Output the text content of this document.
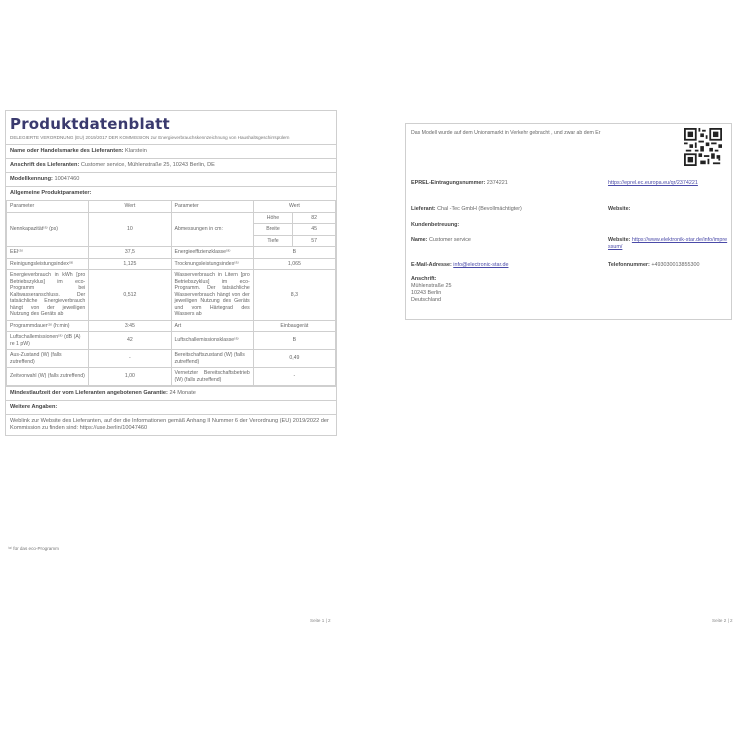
Produktdatenblatt
DELEGIERTE VERORDNUNG (EU) 2019/2017 DER KOMMISSION zur Energieverbrauchskennzeichnung von Haushaltsgeschirrspülern
Name oder Handelsmarke des Lieferanten: Klarstein
Anschrift des Lieferanten: Customer service, Mühlenstraße 25, 10243 Berlin, DE
Modellkennung: 10047460
Allgemeine Produktparameter:
Parameter	Wert	Parameter	Wert	
Nennkapazität⁽ᵃ⁾ (ps)	10	Abmessungen in cm:	Höhe	82
			Breite	45
			Tiefe	57
EEI⁽ᵃ⁾	37,5	Energieeffizienzklasse⁽ᵃ⁾	B	
Reinigungsleistungsindex⁽ᵃ⁾	1,125	Trocknungsleistungsindex⁽ᵃ⁾	1,065	
Energieverbrauch in kWh [pro Betriebszyklus] im eco-Programm bei Kaltwasseranschluss. Der tatsächliche Energieverbrauch hängt von der jeweiligen Nutzung des Geräts ab	0,512	Wasserverbrauch in Litern [pro Betriebszyklus] im eco-Programm. Der tatsächliche Wasserverbrauch hängt von der jeweiligen Nutzung des Geräts und vom Härtegrad des Wassers ab	8,3	
Programmdauer⁽ᵃ⁾ (h:min)	3:45	Art	Einbaugerät	
Luftschallemissionen⁽ᵃ⁾ (dB (A) re 1 pW)	42	Luftschallemissionsklasse⁽ᵃ⁾	B	
Aus-Zustand (W) (falls zutreffend)	-	Bereitschaftszustand (W) (falls zutreffend)	0,49	
Zeitvorwahl (W) (falls zutreffend)	1,00	Vernetzter Bereitschaftsbetrieb (W) (falls zutreffend)	-	
Mindestlaufzeit der vom Lieferanten angebotenen Garantie: 24 Monate
Weitere Angaben:
Weblink zur Website des Lieferanten, auf der die Informationen gemäß Anhang II Nummer 6 der Verordnung (EU) 2019/2022 der Kommission zu finden sind: https://use.berlin/10047460
⁽ᵃ⁾ für das eco-Programm
Seite 1 | 2
Das Modell wurde auf dem Unionsmarkt in Verkehr gebracht , und zwar ab dem Er
EPREL-Eintragungsnummer: 2374221	https://eprel.ec.europa.eu/qr/2374221
Lieferant: Chal -Tec GmbH (Bevollmächtigter)	Website:
Kundenbetreuung:
Name: Customer service	Website: https://www.elektronik-star.de/info/impressum/
E-Mail-Adresse: info@electronic-star.de	Telefonnummer: +493030013855300
Anschrift:
Mühlenstraße 25
10243 Berlin
Deutschland
Seite 2 | 2
